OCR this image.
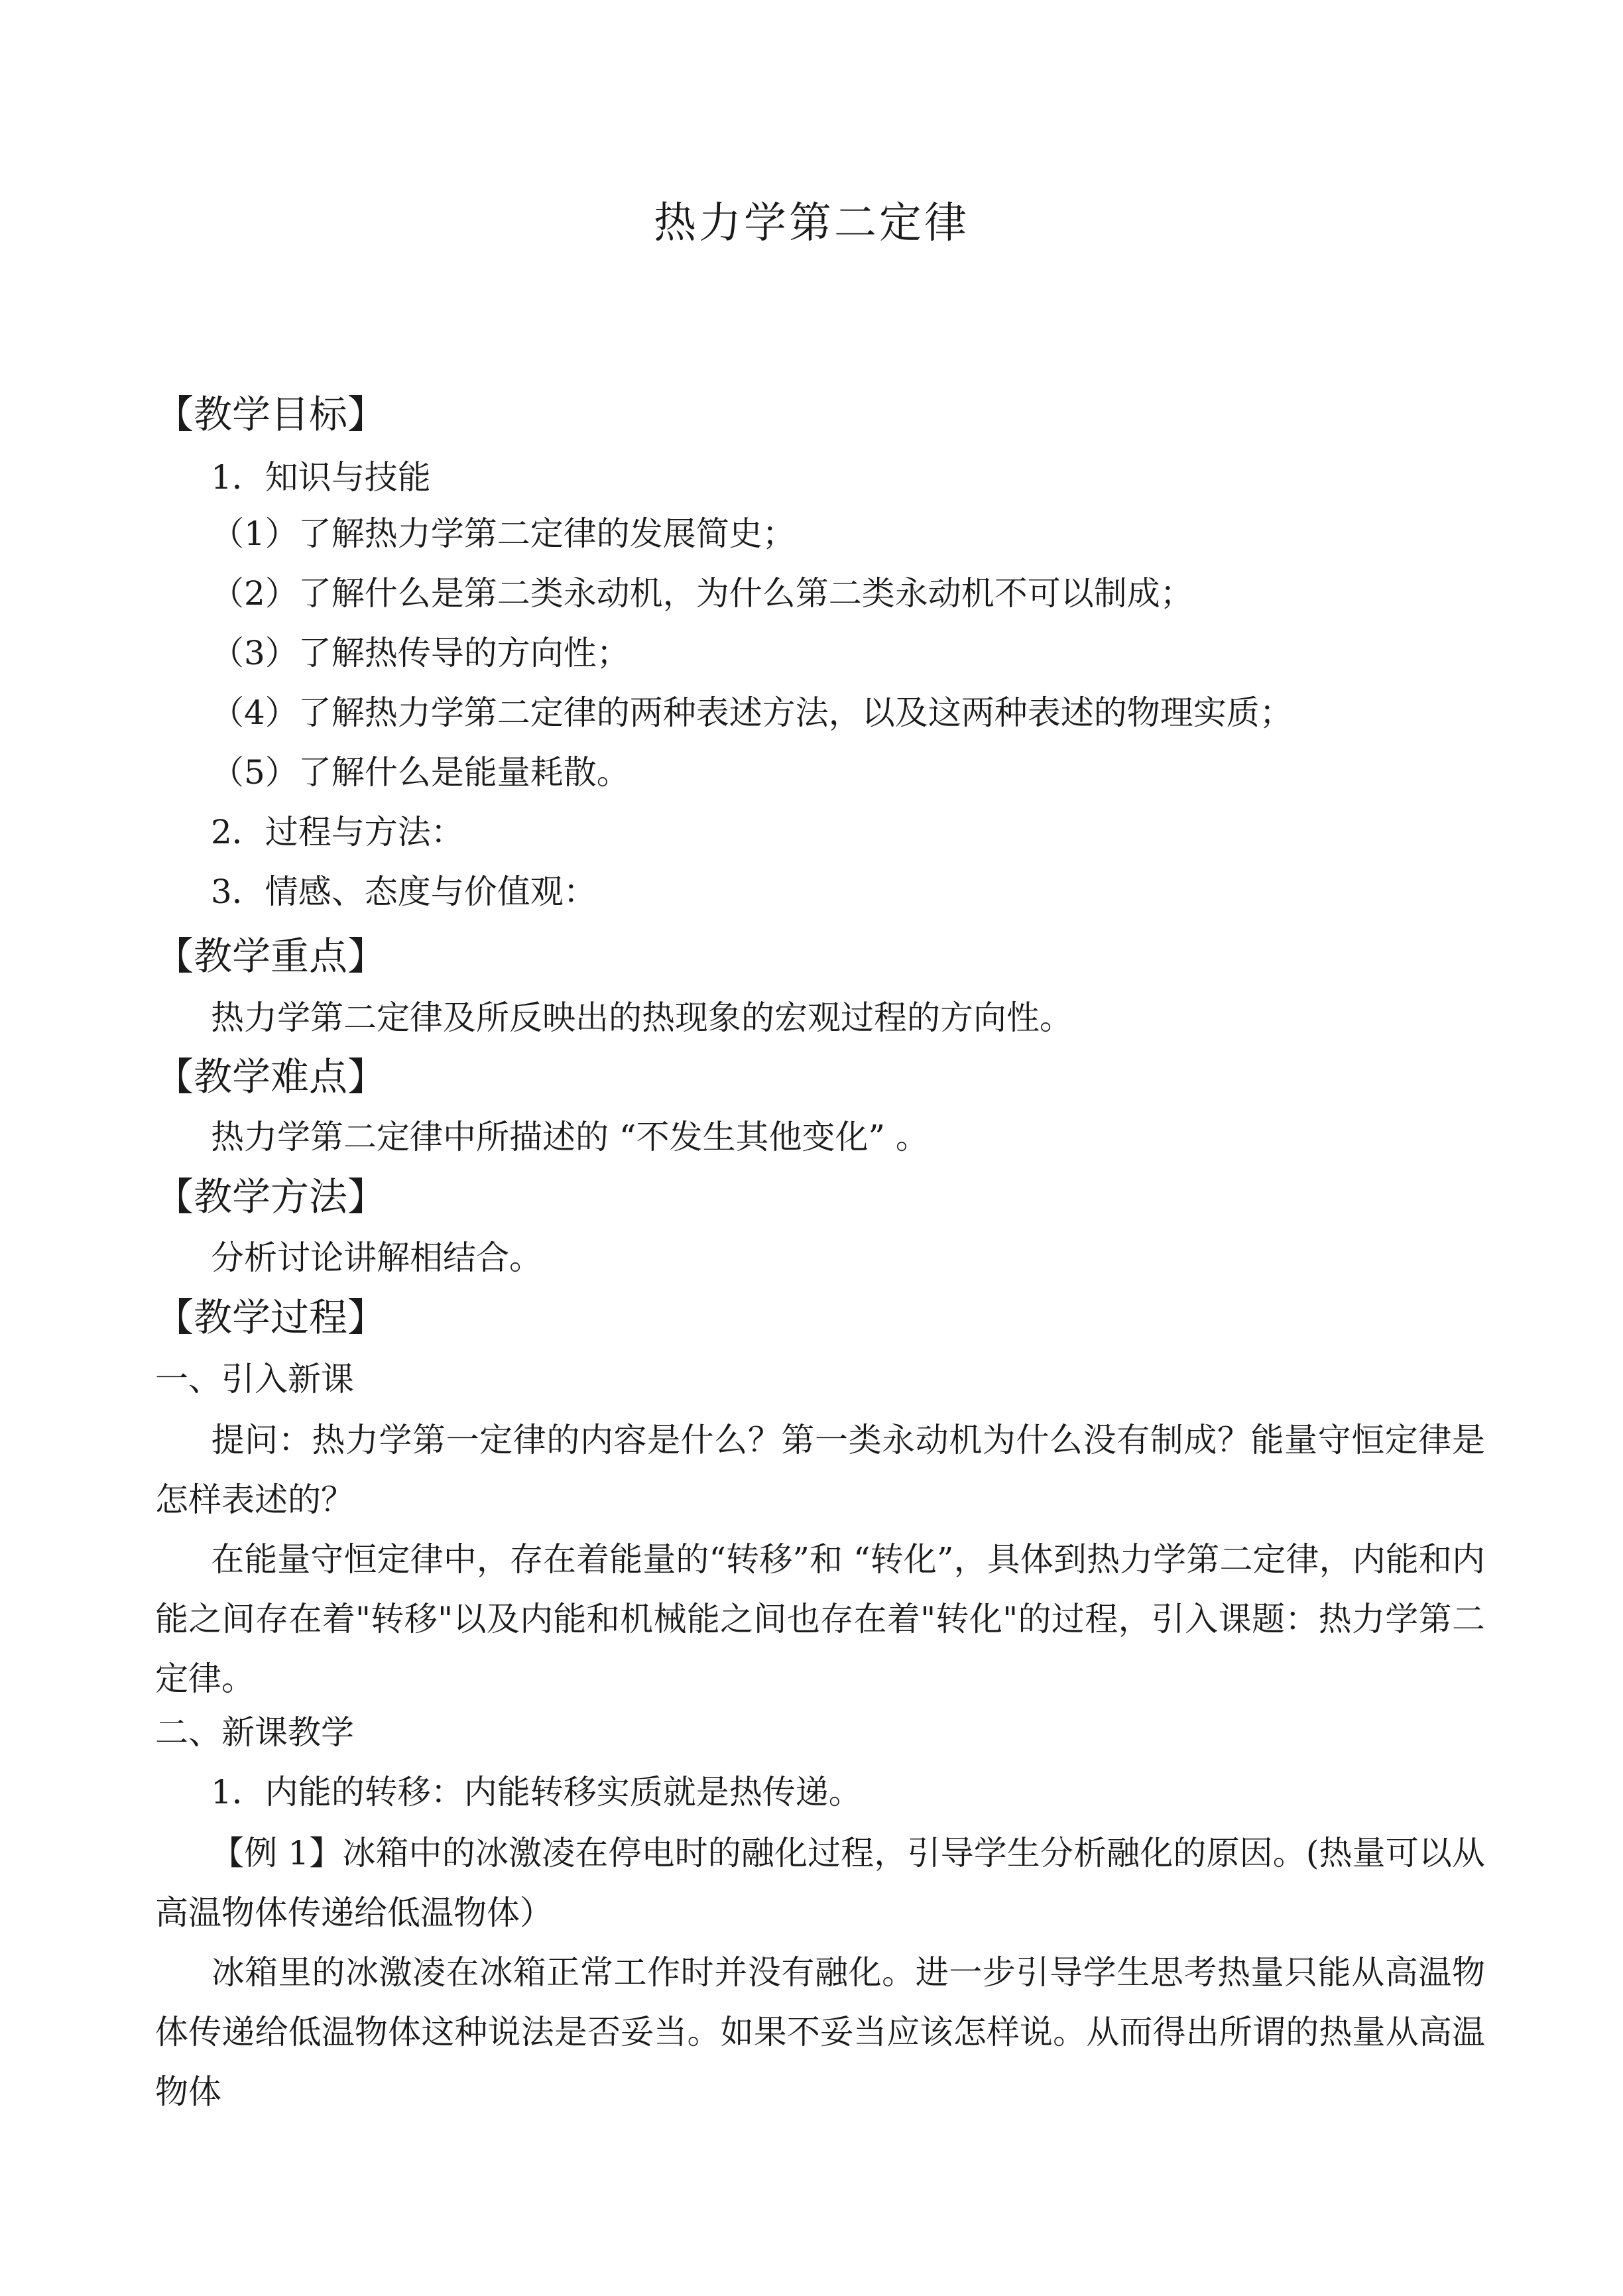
热力学第二定律
【教学目标】
1．知识与技能
（1）了解热力学第二定律的发展简史；
（2）了解什么是第二类永动机，为什么第二类永动机不可以制成；
（3）了解热传导的方向性；
（4）了解热力学第二定律的两种表述方法，以及这两种表述的物理实质；
（5）了解什么是能量耗散。
2．过程与方法：
3．情感、态度与价值观：
【教学重点】
热力学第二定律及所反映出的热现象的宏观过程的方向性。
【教学难点】
热力学第二定律中所描述的 “不发生其他变化” 。
【教学方法】
分析讨论讲解相结合。
【教学过程】
一、引入新课
提问：热力学第一定律的内容是什么？第一类永动机为什么没有制成？能量守恒定律是怎样表述的？
在能量守恒定律中，存在着能量的“转移”和 “转化”，具体到热力学第二定律，内能和内能之间存在着"转移"以及内能和机械能之间也存在着"转化"的过程，引入课题：热力学第二定律。
二、新课教学
1．内能的转移：内能转移实质就是热传递。
【例 1】冰箱中的冰激凌在停电时的融化过程，引导学生分析融化的原因。(热量可以从高温物体传递给低温物体）
冰箱里的冰激凌在冰箱正常工作时并没有融化。进一步引导学生思考热量只能从高温物体传递给低温物体这种说法是否妥当。如果不妥当应该怎样说。从而得出所谓的热量从高温物体
